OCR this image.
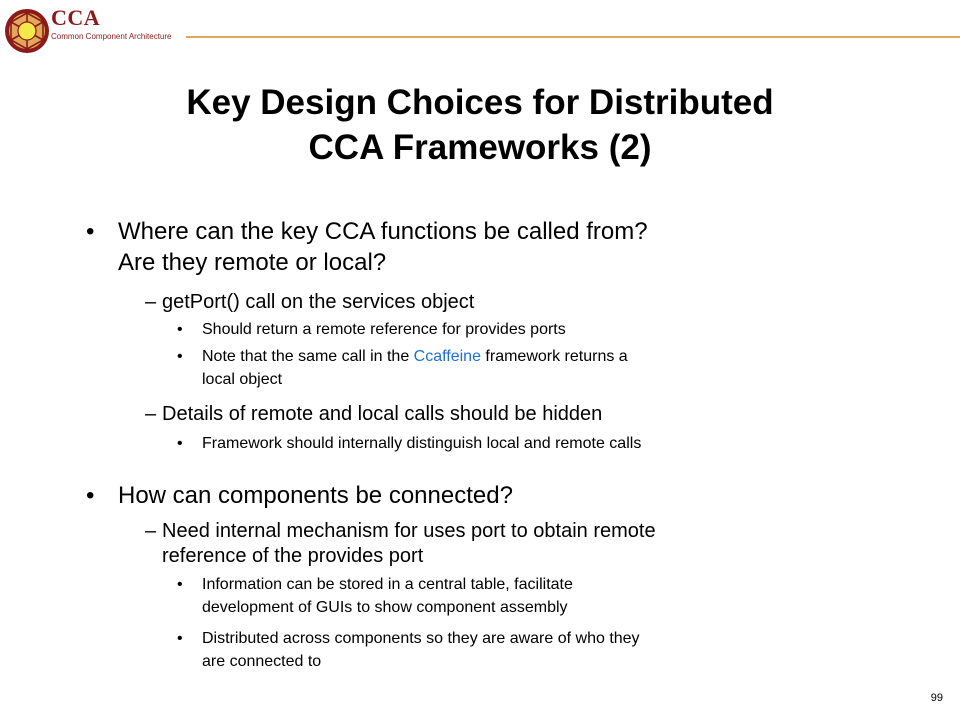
CCA
Common Component Architecture
Key Design Choices for Distributed
CCA Frameworks (2)
• Where can the key CCA functions be called from?
Are they remote or local?
– getPort() call on the services object
• Should return a remote reference for provides ports
• Note that the same call in the Ccaffeine framework returns a
local object
– Details of remote and local calls should be hidden
• Framework should internally distinguish local and remote calls
• How can components be connected?
– Need internal mechanism for uses port to obtain remote
reference of the provides port
• Information can be stored in a central table, facilitate
development of GUIs to show component assembly
• Distributed across components so they are aware of who they
are connected to
99
